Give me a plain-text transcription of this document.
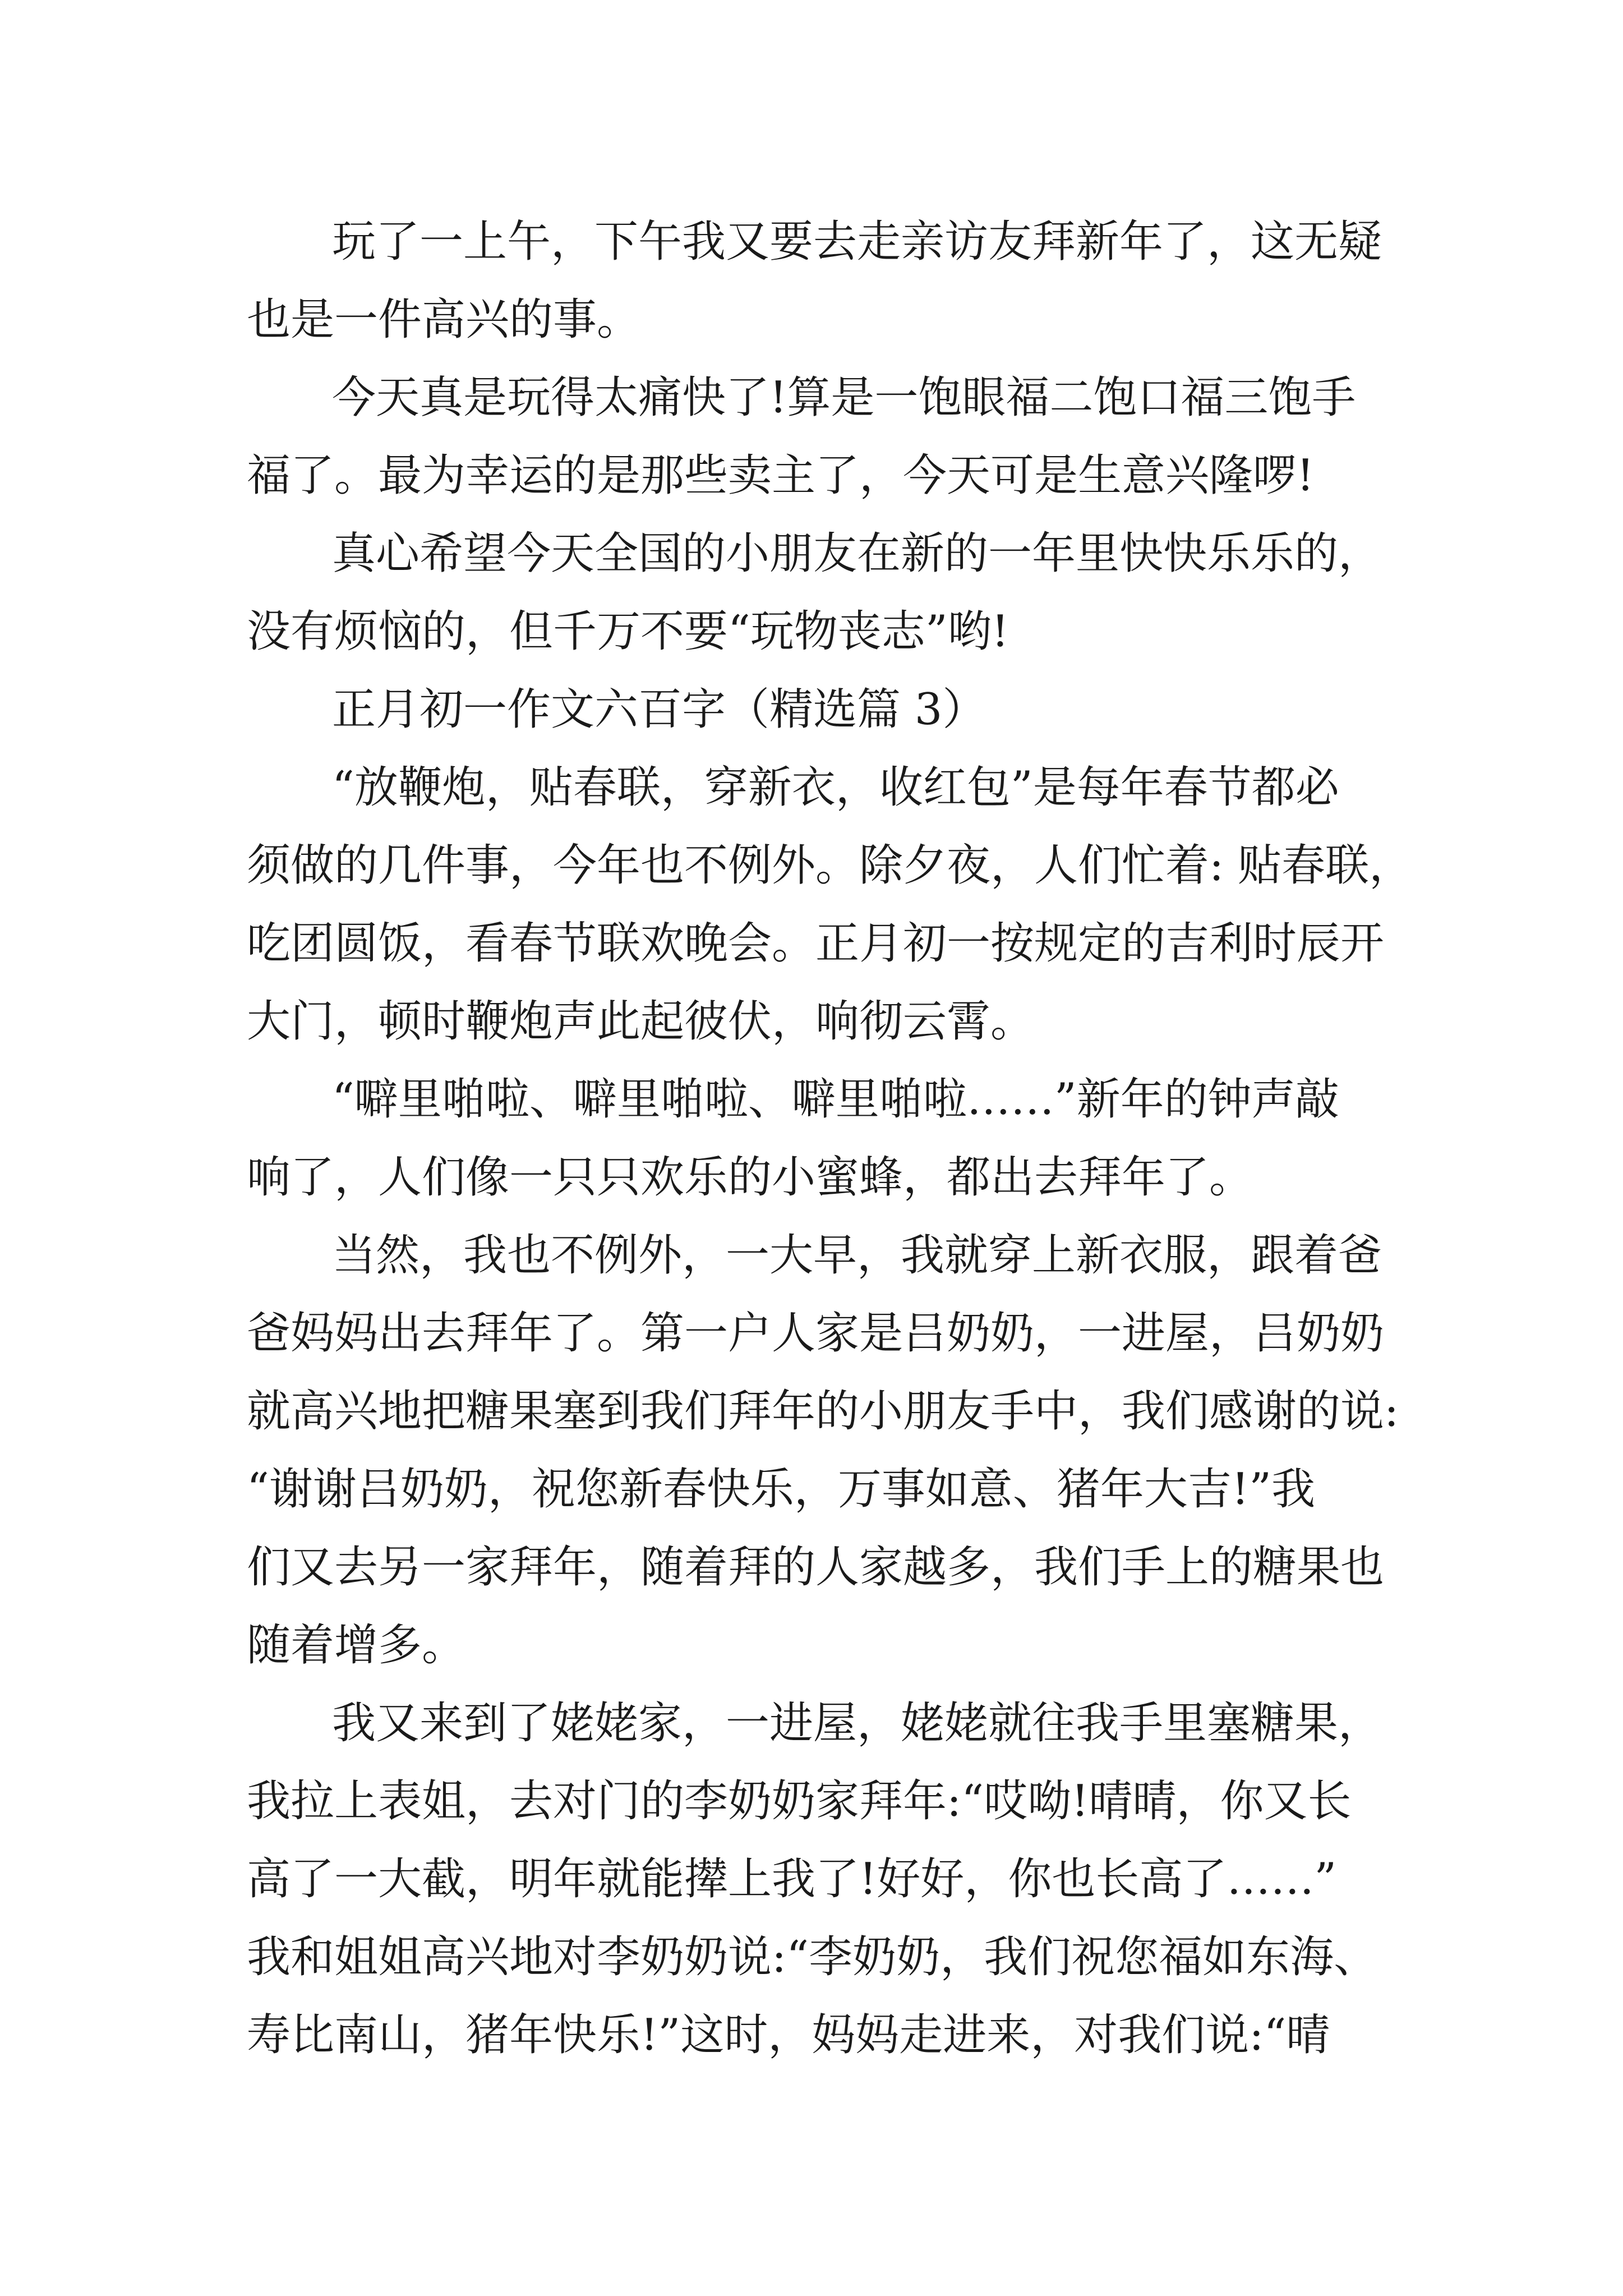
玩了一上午，下午我又要去走亲访友拜新年了，这无疑
也是一件高兴的事。
今天真是玩得太痛快了!算是一饱眼福二饱口福三饱手
福了。最为幸运的是那些卖主了，今天可是生意兴隆啰!
真心希望今天全国的小朋友在新的一年里快快乐乐的，
没有烦恼的，但千万不要“玩物丧志”哟!
正月初一作文六百字（精选篇 3）
“放鞭炮，贴春联，穿新衣，收红包”是每年春节都必
须做的几件事，今年也不例外。除夕夜，人们忙着: 贴春联，
吃团圆饭，看春节联欢晚会。正月初一按规定的吉利时辰开
大门，顿时鞭炮声此起彼伏，响彻云霄。
“噼里啪啦、噼里啪啦、噼里啪啦……”新年的钟声敲
响了，人们像一只只欢乐的小蜜蜂，都出去拜年了。
当然，我也不例外，一大早，我就穿上新衣服，跟着爸
爸妈妈出去拜年了。第一户人家是吕奶奶，一进屋，吕奶奶
就高兴地把糖果塞到我们拜年的小朋友手中，我们感谢的说:
“谢谢吕奶奶，祝您新春快乐，万事如意、猪年大吉!”我
们又去另一家拜年，随着拜的人家越多，我们手上的糖果也
随着增多。
我又来到了姥姥家，一进屋，姥姥就往我手里塞糖果，
我拉上表姐，去对门的李奶奶家拜年:“哎呦!晴晴，你又长
高了一大截，明年就能撵上我了!好好，你也长高了……”
我和姐姐高兴地对李奶奶说:“李奶奶，我们祝您福如东海、
寿比南山，猪年快乐!”这时，妈妈走进来，对我们说:“晴
